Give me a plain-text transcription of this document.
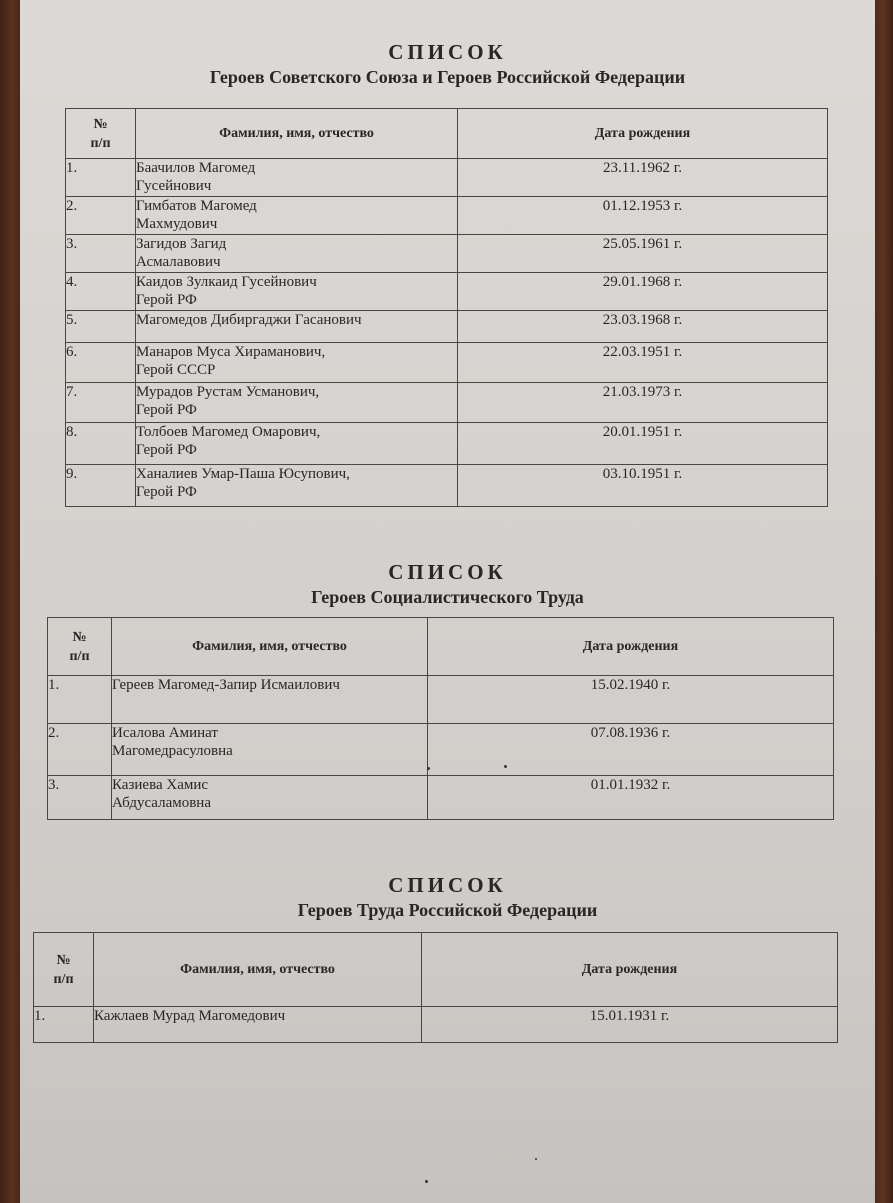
СПИСОК
Героев Советского Союза и Героев Российской Федерации
№
п/п	Фамилия, имя, отчество	Дата рождения
1.	Баачилов Магомед
Гусейнович	23.11.1962 г.
2.	Гимбатов Магомед
Махмудович	01.12.1953 г.
3.	Загидов Загид
Асмалавович	25.05.1961 г.
4.	Каидов Зулкаид Гусейнович
Герой РФ	29.01.1968 г.
5.	Магомедов Дибиргаджи Гасанович	23.03.1968 г.
6.	Манаров Муса Хираманович,
Герой СССР	22.03.1951 г.
7.	Мурадов Рустам Усманович,
Герой РФ	21.03.1973 г.
8.	Толбоев Магомед Омарович,
Герой РФ	20.01.1951 г.
9.	Ханалиев Умар-Паша Юсупович,
Герой РФ	03.10.1951 г.
СПИСОК
Героев Социалистического Труда
№
п/п	Фамилия, имя, отчество	Дата рождения
1.	Гереев Магомед-Запир Исмаилович	15.02.1940 г.
2.	Исалова Аминат
Магомедрасуловна	07.08.1936 г.
3.	Казиева Хамис
Абдусаламовна	01.01.1932 г.
СПИСОК
Героев Труда Российской Федерации
№
п/п	Фамилия, имя, отчество	Дата рождения
1.	Кажлаев Мурад Магомедович	15.01.1931 г.
